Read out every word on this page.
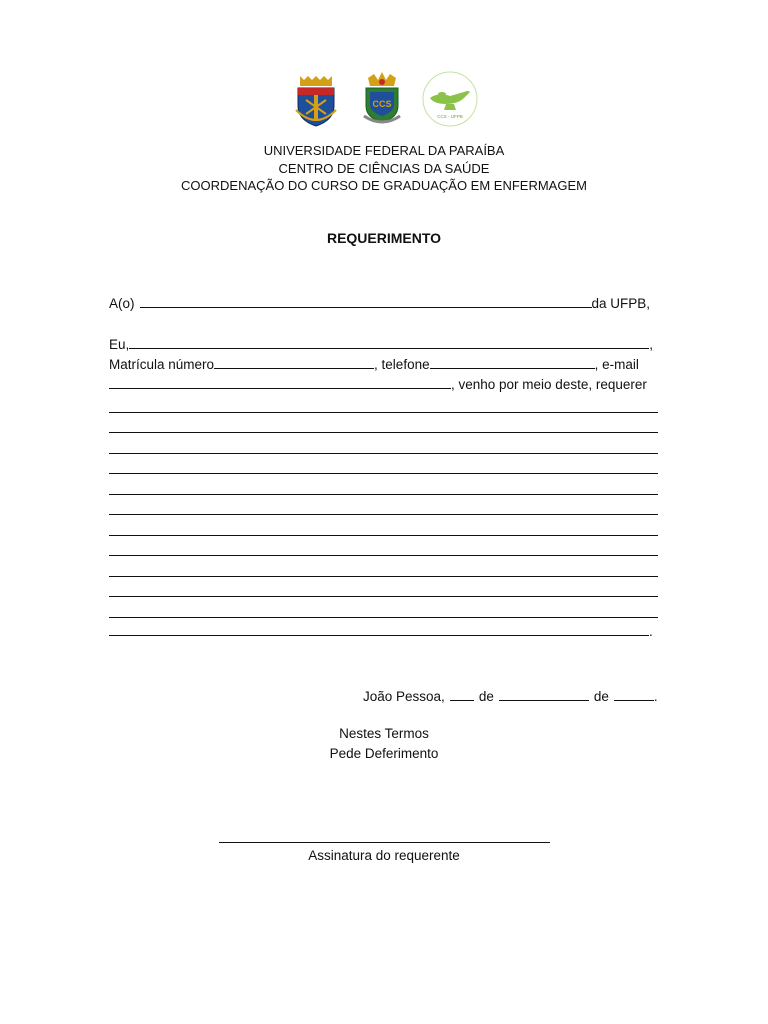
CCS
CCS - UFPB
UNIVERSIDADE FEDERAL DA PARAÍBA
CENTRO DE CIÊNCIAS DA SAÚDE
COORDENAÇÃO DO CURSO DE GRADUAÇÃO EM ENFERMAGEM
REQUERIMENTO
A(o)	da UFPB,
Eu,	,
Matrícula número	, telefone	, e-mail
, venho por meio deste, requerer
.
João Pessoa,	de	de	.
Nestes Termos
Pede Deferimento
Assinatura do requerente
